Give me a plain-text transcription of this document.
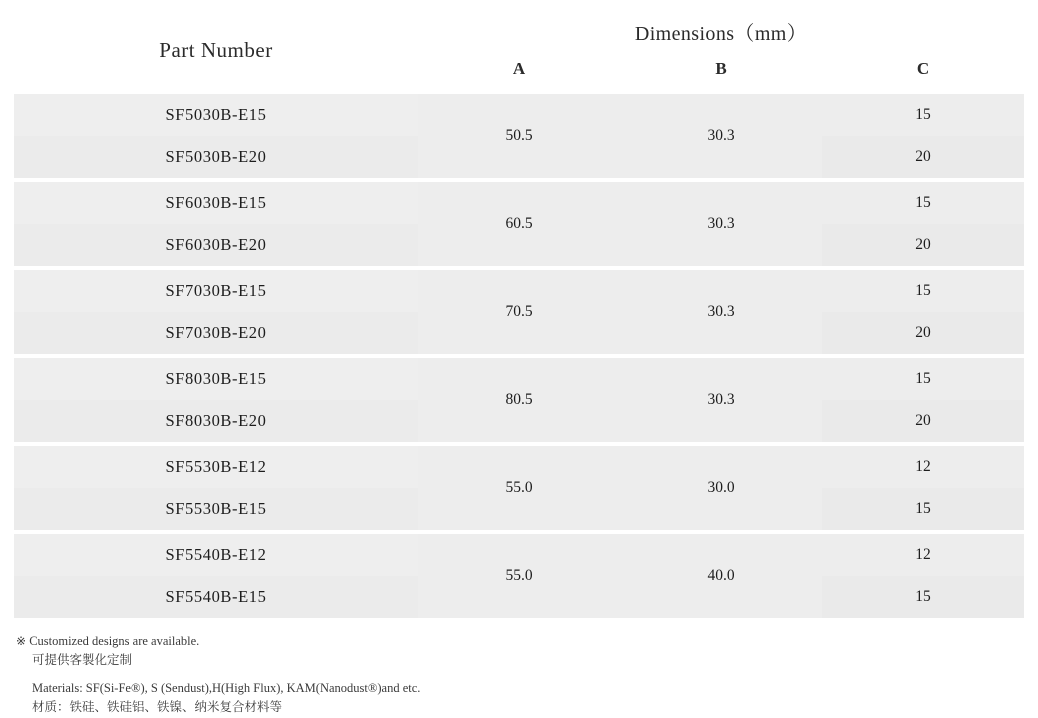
Part Number	Dimensions（mm）		
	A	B	C

SF5030B-E15	50.5	30.3	15
SF5030B-E20			20

SF6030B-E15	60.5	30.3	15
SF6030B-E20			20

SF7030B-E15	70.5	30.3	15
SF7030B-E20			20

SF8030B-E15	80.5	30.3	15
SF8030B-E20			20

SF5530B-E12	55.0	30.0	12
SF5530B-E15			15

SF5540B-E12	55.0	40.0	12
SF5540B-E15			15
※ Customized designs are available.
可提供客製化定制
Materials: SF(Si-Fe®), S (Sendust),H(High Flux), KAM(Nanodust®)and etc.
材质：铁硅、铁硅铝、铁镍、纳米复合材料等
